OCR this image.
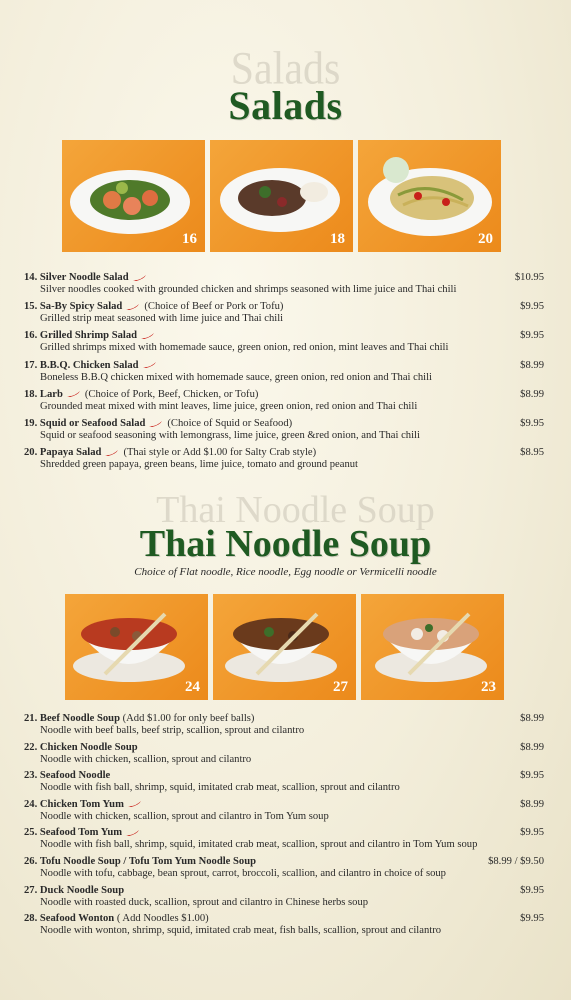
Salads
Salads
16	18	20
14. Silver Noodle Salad
Silver noodles cooked with grounded chicken and shrimps seasoned with lime juice and Thai chili
$10.95
15. Sa-By Spicy Salad (Choice of Beef or Pork or Tofu)
Grilled strip meat seasoned with lime juice and Thai chili
$9.95
16. Grilled Shrimp Salad
Grilled shrimps mixed with homemade sauce, green onion, red onion, mint leaves and Thai chili
$9.95
17. B.B.Q. Chicken Salad
Boneless B.B.Q chicken mixed with homemade sauce, green onion, red onion and Thai chili
$8.99
18. Larb (Choice of Pork, Beef, Chicken, or Tofu)
Grounded meat mixed with mint leaves, lime juice, green onion, red onion and Thai chili
$8.99
19. Squid or Seafood Salad (Choice of Squid or Seafood)
Squid or seafood seasoning with lemongrass, lime juice, green &red onion, and Thai chili
$9.95
20. Papaya Salad (Thai style or Add $1.00 for Salty Crab style)
Shredded green papaya, green beans, lime juice, tomato and ground peanut
$8.95
Thai Noodle Soup
Thai Noodle Soup
Choice of Flat noodle, Rice noodle, Egg noodle or Vermicelli noodle
24	27	23
21. Beef Noodle Soup (Add $1.00 for only beef balls)
Noodle with beef balls, beef strip, scallion, sprout and cilantro
$8.99
22. Chicken Noodle Soup
Noodle with chicken, scallion, sprout and cilantro
$8.99
23. Seafood Noodle
Noodle with fish ball, shrimp, squid, imitated crab meat, scallion, sprout and cilantro
$9.95
24. Chicken Tom Yum
Noodle with chicken, scallion, sprout and cilantro in Tom Yum soup
$8.99
25. Seafood Tom Yum
Noodle with fish ball, shrimp, squid, imitated crab meat, scallion, sprout and cilantro in Tom Yum soup
$9.95
26. Tofu Noodle Soup / Tofu Tom Yum Noodle Soup
Noodle with tofu, cabbage, bean sprout, carrot, broccoli, scallion, and cilantro in choice of soup
$8.99 / $9.50
27. Duck Noodle Soup
Noodle with roasted duck, scallion, sprout and cilantro in Chinese herbs soup
$9.95
28. Seafood Wonton ( Add Noodles $1.00)
Noodle with wonton, shrimp, squid, imitated crab meat, fish balls, scallion, sprout and cilantro
$9.95
